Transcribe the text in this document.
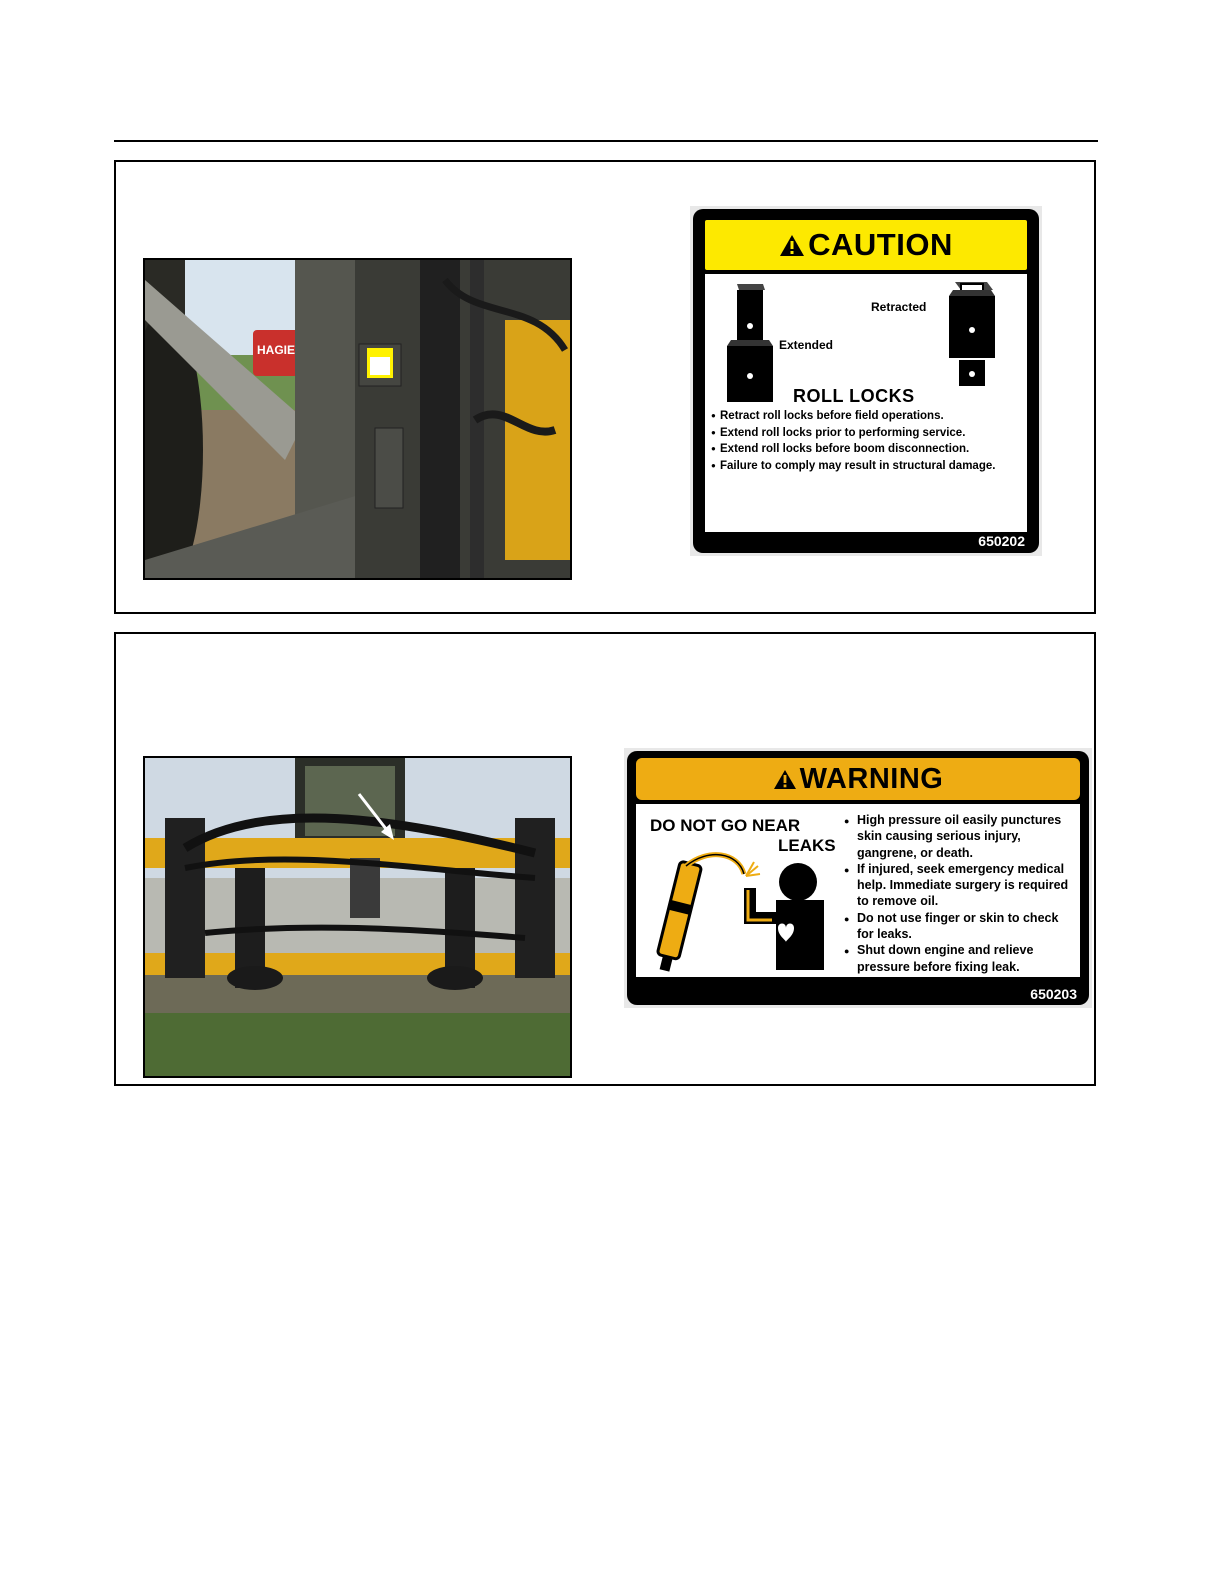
HAGIE
CAUTION
Extended
Retracted
ROLL LOCKS
● Retract roll locks before field operations.
● Extend roll locks prior to performing service.
● Extend roll locks before boom disconnection.
● Failure to comply may result in structural damage.
650202
WARNING
DO NOT GO NEAR
LEAKS
● High pressure oil easily punctures skin causing serious injury, gangrene, or death.
● If injured, seek emergency medical help. Immediate surgery is required to remove oil.
● Do not use finger or skin to check for leaks.
● Shut down engine and relieve pressure before fixing leak.
650203
